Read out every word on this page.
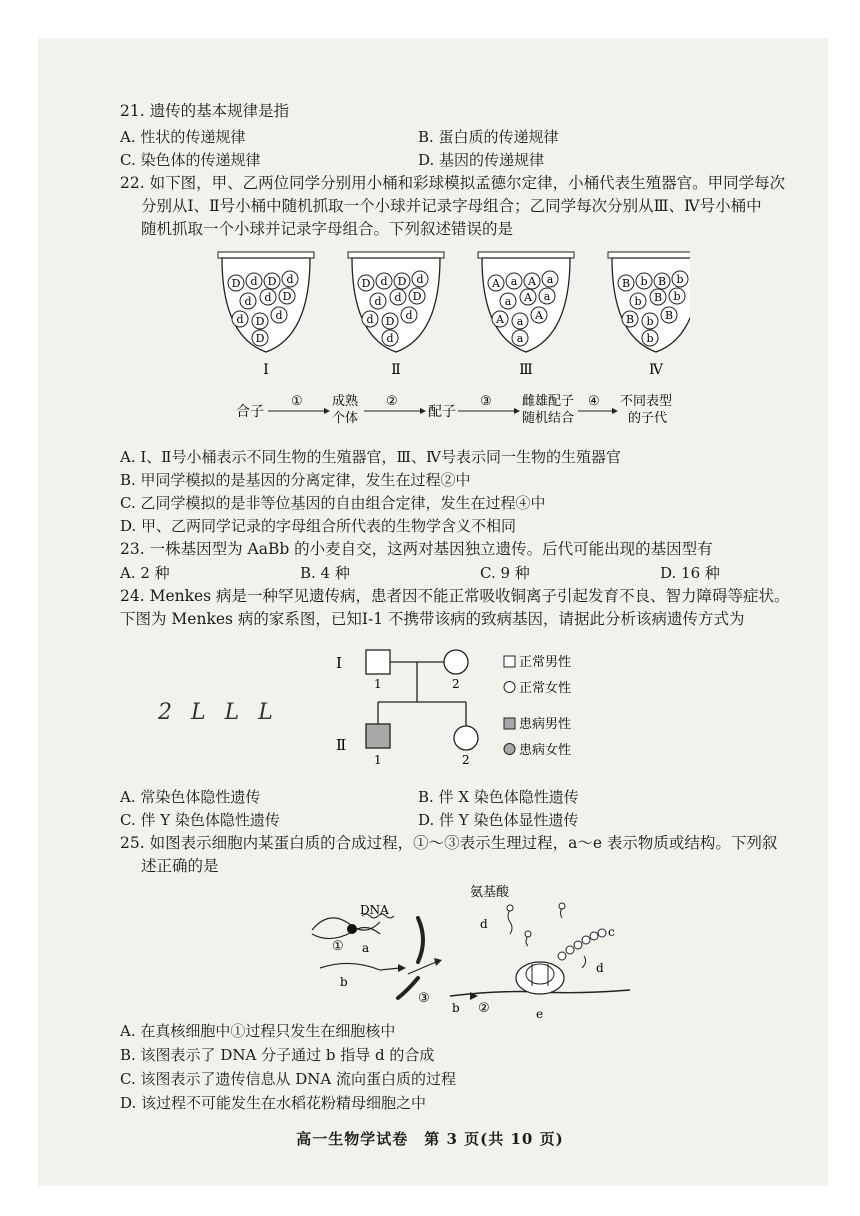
21. 遗传的基本规律是指
A. 性状的传递规律	B. 蛋白质的传递规律
C. 染色体的传递规律	D. 基因的传递规律
22. 如下图，甲、乙两位同学分别用小桶和彩球模拟孟德尔定律，小桶代表生殖器官。甲同学每次
分别从Ⅰ、Ⅱ号小桶中随机抓取一个小球并记录字母组合；乙同学每次分别从Ⅲ、Ⅳ号小桶中
随机抓取一个小球并记录字母组合。下列叙述错误的是
D d D d
d d D
d D d
D
Ⅰ
D d D d
d d D
d D d
d
Ⅱ
A a A a
a A a
A a A
a
Ⅲ
B b B b
b B b
B b B
b
Ⅳ
合子
① 成熟
个体
②
配子
③ 雌雄配子
随机结合
④ 不同表型
的子代
A. Ⅰ、Ⅱ号小桶表示不同生物的生殖器官，Ⅲ、Ⅳ号表示同一生物的生殖器官
B. 甲同学模拟的是基因的分离定律，发生在过程②中
C. 乙同学模拟的是非等位基因的自由组合定律，发生在过程④中
D. 甲、乙两同学记录的字母组合所代表的生物学含义不相同
23. 一株基因型为 AaBb 的小麦自交，这两对基因独立遗传。后代可能出现的基因型有
A. 2 种	B. 4 种	C. 9 种	D. 16 种
24. Menkes 病是一种罕见遗传病，患者因不能正常吸收铜离子引起发育不良、智力障碍等症状。
下图为 Menkes 病的家系图，已知Ⅰ-1 不携带该病的致病基因，请据此分析该病遗传方式为
Ⅰ
Ⅱ
1	2
1	2
正常男性
正常女性
患病男性
患病女性
2 L L L
A. 常染色体隐性遗传	B. 伴 X 染色体隐性遗传
C. 伴 Y 染色体隐性遗传	D. 伴 Y 染色体显性遗传
25. 如图表示细胞内某蛋白质的合成过程，①～③表示生理过程，a～e 表示物质或结构。下列叙
述正确的是
氨基酸
DNA
① a
b
③
b ②	e
c
d
d
A. 在真核细胞中①过程只发生在细胞核中
B. 该图表示了 DNA 分子通过 b 指导 d 的合成
C. 该图表示了遗传信息从 DNA 流向蛋白质的过程
D. 该过程不可能发生在水稻花粉精母细胞之中
高一生物学试卷　第 3 页(共 10 页)
